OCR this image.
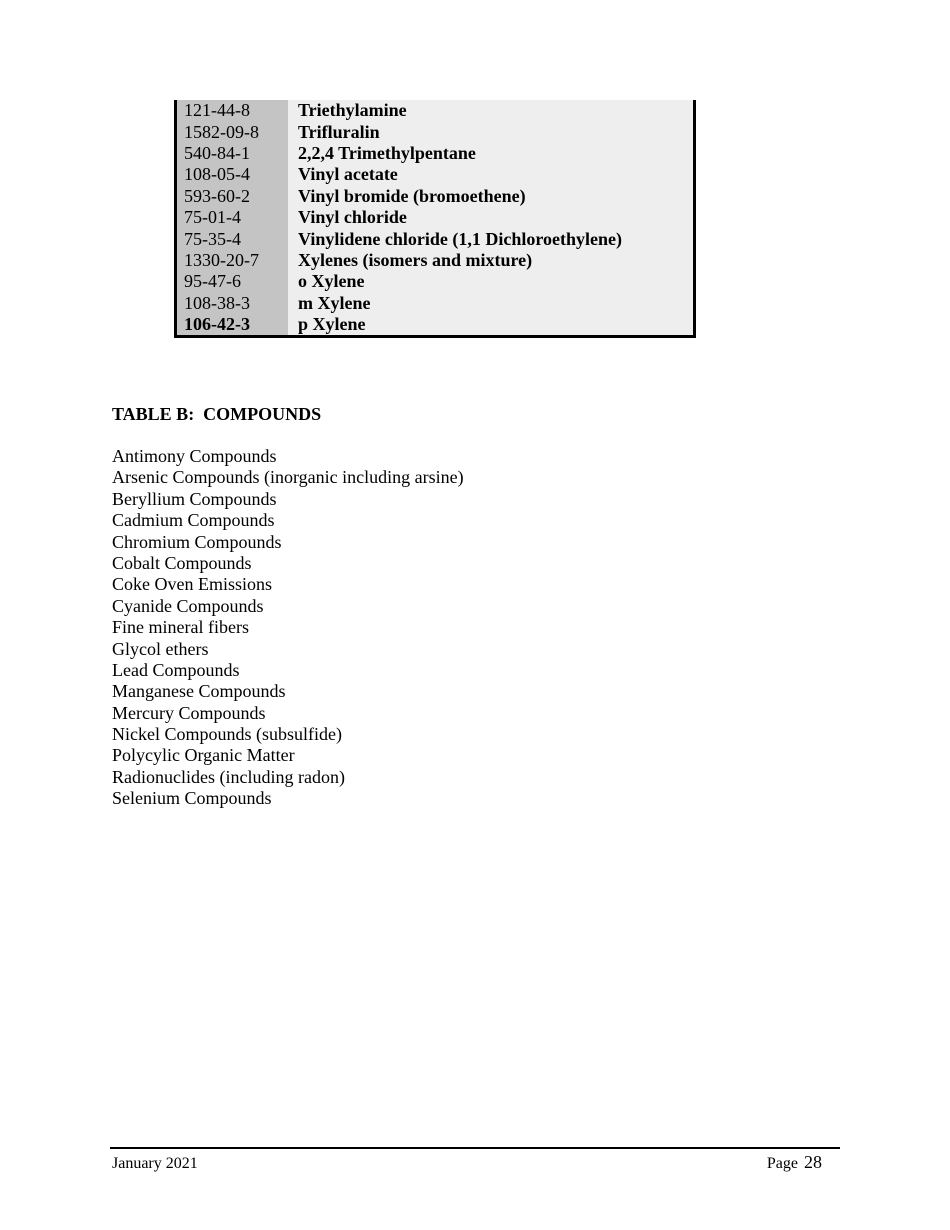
121-44-8	Triethylamine
1582-09-8	Trifluralin
540-84-1	2,2,4 Trimethylpentane
108-05-4	Vinyl acetate
593-60-2	Vinyl bromide (bromoethene)
75-01-4	Vinyl chloride
75-35-4	Vinylidene chloride (1,1 Dichloroethylene)
1330-20-7	Xylenes (isomers and mixture)
95-47-6	o Xylene
108-38-3	m Xylene
106-42-3	p Xylene
TABLE B:  COMPOUNDS
Antimony Compounds
Arsenic Compounds (inorganic including arsine)
Beryllium Compounds
Cadmium Compounds
Chromium Compounds
Cobalt Compounds
Coke Oven Emissions
Cyanide Compounds
Fine mineral fibers
Glycol ethers
Lead Compounds
Manganese Compounds
Mercury Compounds
Nickel Compounds (subsulfide)
Polycylic Organic Matter
Radionuclides (including radon)
Selenium Compounds
January 2021	Page 28
